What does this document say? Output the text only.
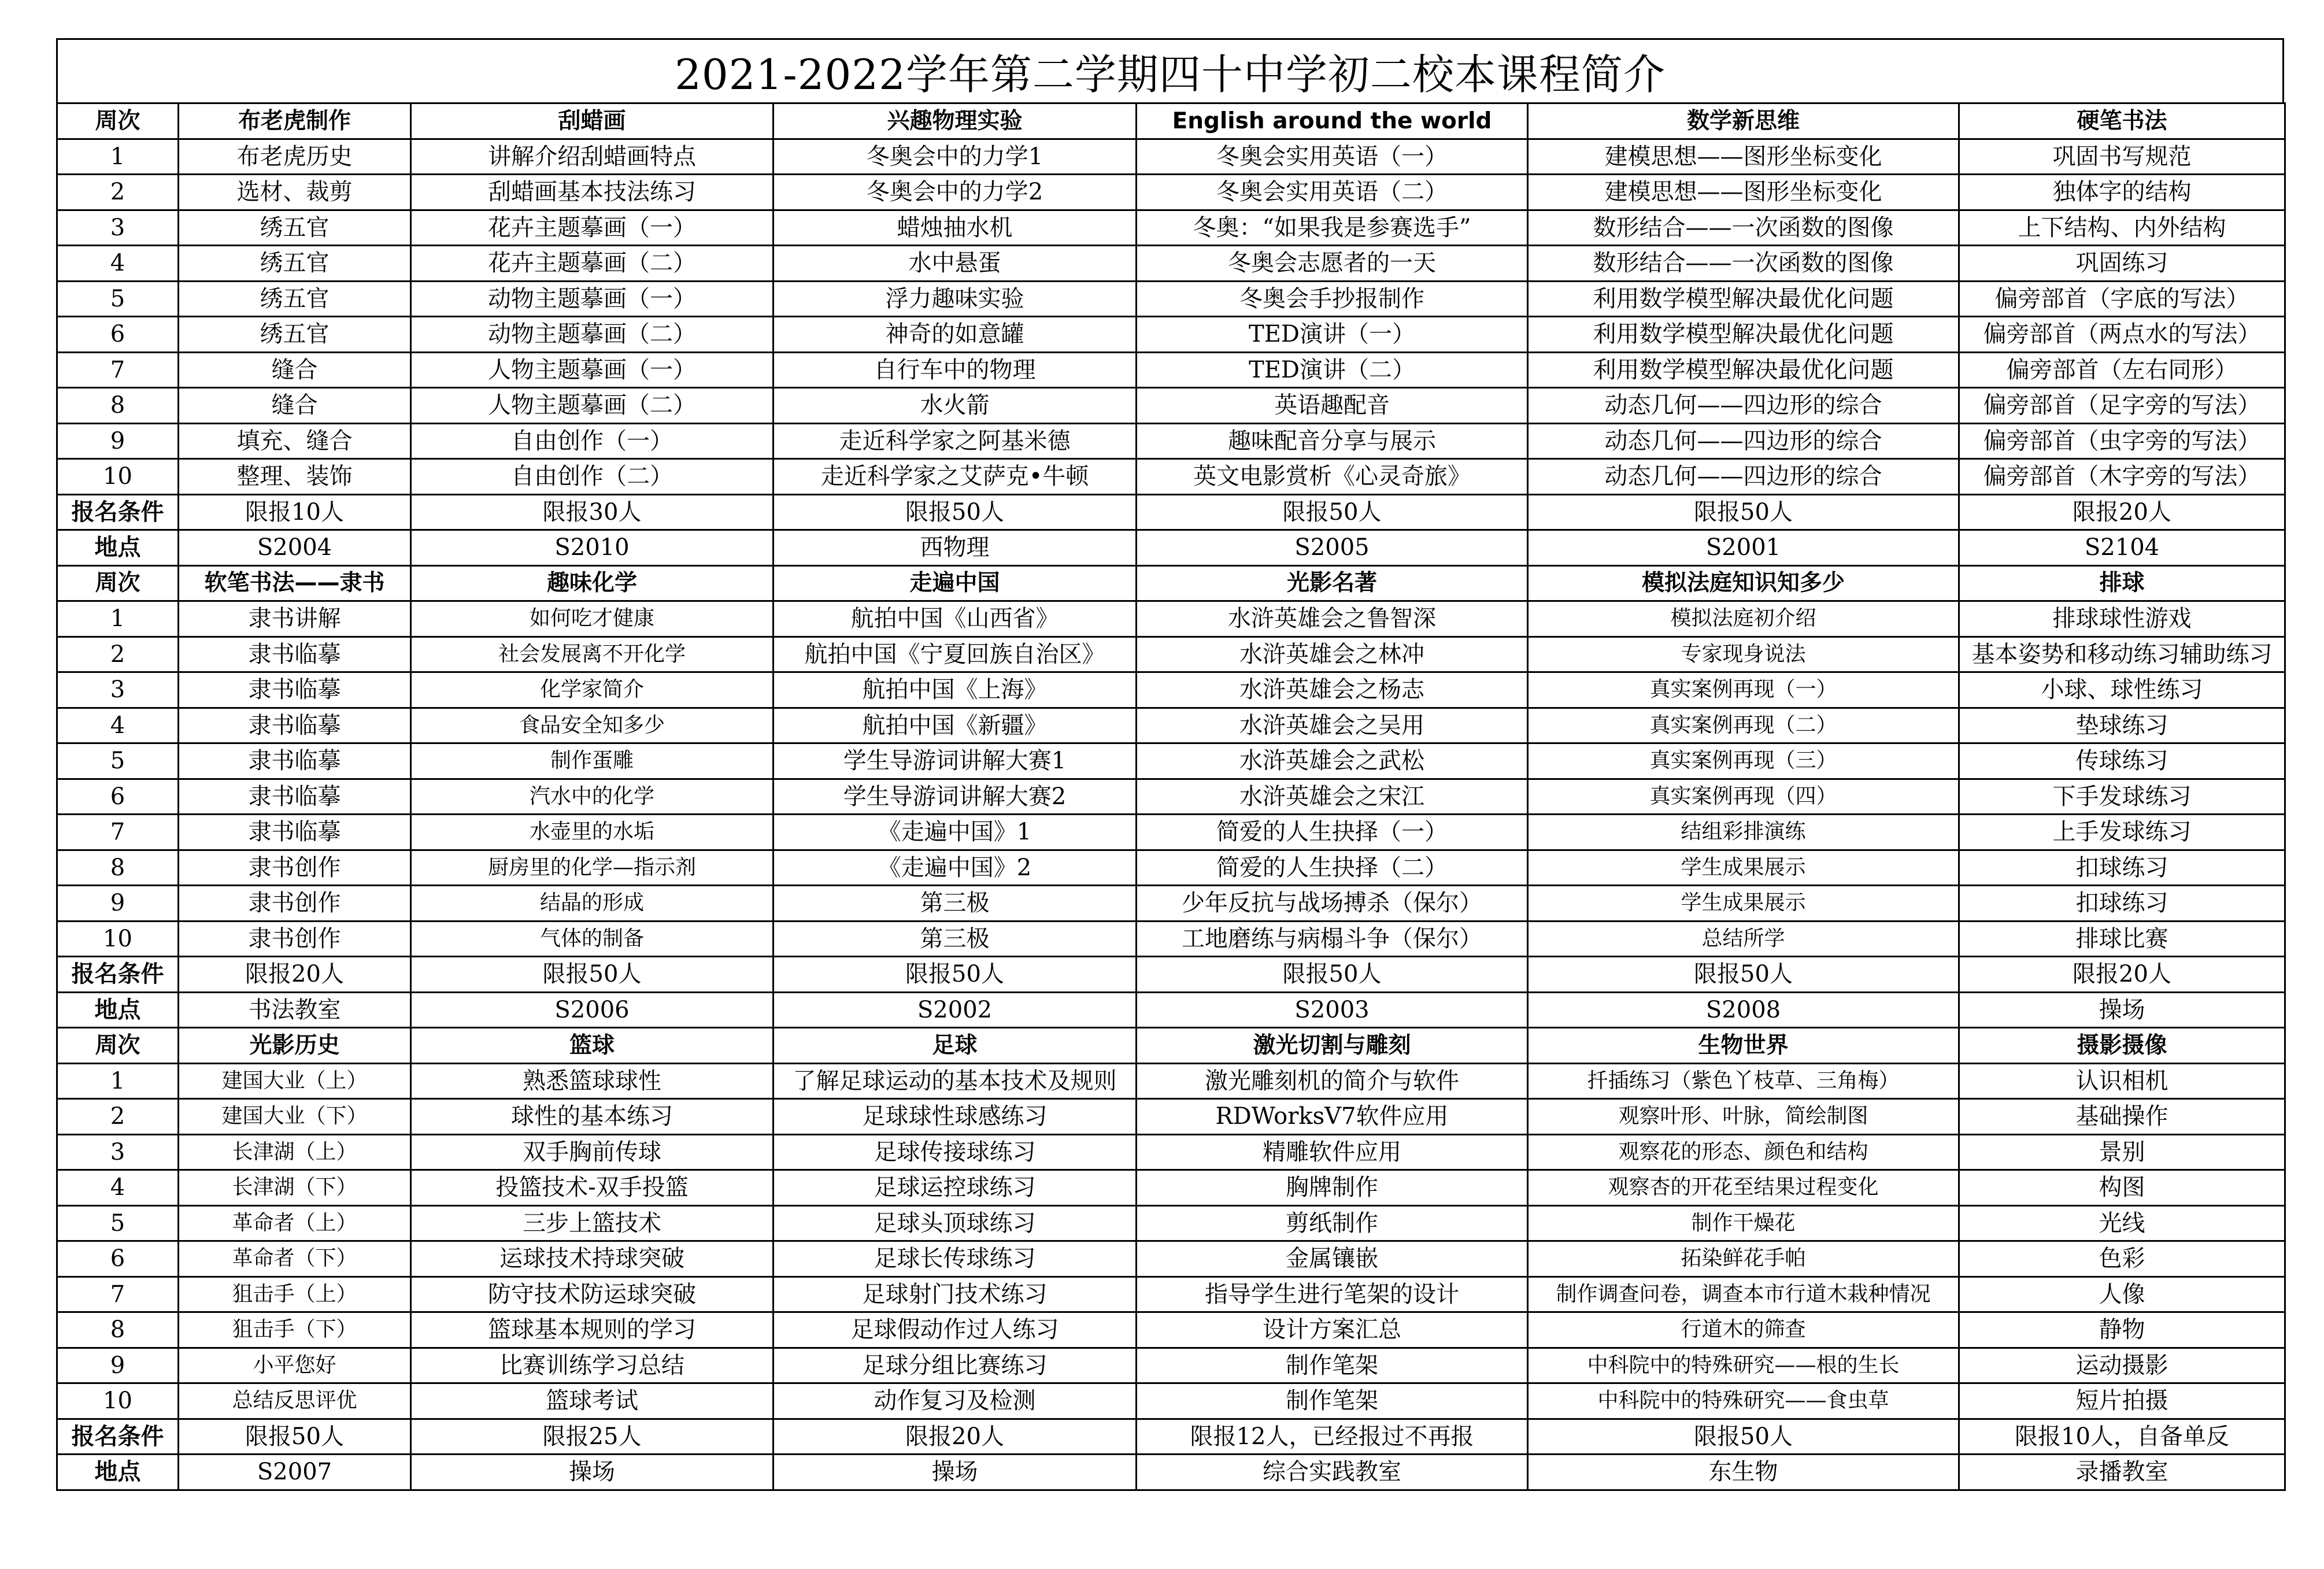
2021-2022学年第二学期四十中学初二校本课程简介
周次	布老虎制作	刮蜡画	兴趣物理实验	English around the world	数学新思维	硬笔书法
1	布老虎历史	讲解介绍刮蜡画特点	冬奥会中的力学1	冬奥会实用英语（一）	建模思想——图形坐标变化	巩固书写规范
2	选材、裁剪	刮蜡画基本技法练习	冬奥会中的力学2	冬奥会实用英语（二）	建模思想——图形坐标变化	独体字的结构
3	绣五官	花卉主题摹画（一）	蜡烛抽水机	冬奥：“如果我是参赛选手”	数形结合——一次函数的图像	上下结构、内外结构
4	绣五官	花卉主题摹画（二）	水中悬蛋	冬奥会志愿者的一天	数形结合——一次函数的图像	巩固练习
5	绣五官	动物主题摹画（一）	浮力趣味实验	冬奥会手抄报制作	利用数学模型解决最优化问题	偏旁部首（字底的写法）
6	绣五官	动物主题摹画（二）	神奇的如意罐	TED演讲（一）	利用数学模型解决最优化问题	偏旁部首（两点水的写法）
7	缝合	人物主题摹画（一）	自行车中的物理	TED演讲（二）	利用数学模型解决最优化问题	偏旁部首（左右同形）
8	缝合	人物主题摹画（二）	水火箭	英语趣配音	动态几何——四边形的综合	偏旁部首（足字旁的写法）
9	填充、缝合	自由创作（一）	走近科学家之阿基米德	趣味配音分享与展示	动态几何——四边形的综合	偏旁部首（虫字旁的写法）
10	整理、装饰	自由创作（二）	走近科学家之艾萨克•牛顿	英文电影赏析《心灵奇旅》	动态几何——四边形的综合	偏旁部首（木字旁的写法）
报名条件	限报10人	限报30人	限报50人	限报50人	限报50人	限报20人
地点	S2004	S2010	西物理	S2005	S2001	S2104
周次	软笔书法——隶书	趣味化学	走遍中国	光影名著	模拟法庭知识知多少	排球
1	隶书讲解	如何吃才健康	航拍中国《山西省》	水浒英雄会之鲁智深	模拟法庭初介绍	排球球性游戏
2	隶书临摹	社会发展离不开化学	航拍中国《宁夏回族自治区》	水浒英雄会之林冲	专家现身说法	基本姿势和移动练习辅助练习
3	隶书临摹	化学家简介	航拍中国《上海》	水浒英雄会之杨志	真实案例再现（一）	小球、球性练习
4	隶书临摹	食品安全知多少	航拍中国《新疆》	水浒英雄会之吴用	真实案例再现（二）	垫球练习
5	隶书临摹	制作蛋雕	学生导游词讲解大赛1	水浒英雄会之武松	真实案例再现（三）	传球练习
6	隶书临摹	汽水中的化学	学生导游词讲解大赛2	水浒英雄会之宋江	真实案例再现（四）	下手发球练习
7	隶书临摹	水壶里的水垢	《走遍中国》1	简爱的人生抉择（一）	结组彩排演练	上手发球练习
8	隶书创作	厨房里的化学—指示剂	《走遍中国》2	简爱的人生抉择（二）	学生成果展示	扣球练习
9	隶书创作	结晶的形成	第三极	少年反抗与战场搏杀（保尔）	学生成果展示	扣球练习
10	隶书创作	气体的制备	第三极	工地磨练与病榻斗争（保尔）	总结所学	排球比赛
报名条件	限报20人	限报50人	限报50人	限报50人	限报50人	限报20人
地点	书法教室	S2006	S2002	S2003	S2008	操场
周次	光影历史	篮球	足球	激光切割与雕刻	生物世界	摄影摄像
1	建国大业（上）	熟悉篮球球性	了解足球运动的基本技术及规则	激光雕刻机的简介与软件	扦插练习（紫色丫枝草、三角梅）	认识相机
2	建国大业（下）	球性的基本练习	足球球性球感练习	RDWorksV7软件应用	观察叶形、叶脉，简绘制图	基础操作
3	长津湖（上）	双手胸前传球	足球传接球练习	精雕软件应用	观察花的形态、颜色和结构	景别
4	长津湖（下）	投篮技术-双手投篮	足球运控球练习	胸牌制作	观察杏的开花至结果过程变化	构图
5	革命者（上）	三步上篮技术	足球头顶球练习	剪纸制作	制作干燥花	光线
6	革命者（下）	运球技术持球突破	足球长传球练习	金属镶嵌	拓染鲜花手帕	色彩
7	狙击手（上）	防守技术防运球突破	足球射门技术练习	指导学生进行笔架的设计	制作调查问卷，调查本市行道木栽种情况	人像
8	狙击手（下）	篮球基本规则的学习	足球假动作过人练习	设计方案汇总	行道木的筛查	静物
9	小平您好	比赛训练学习总结	足球分组比赛练习	制作笔架	中科院中的特殊研究——根的生长	运动摄影
10	总结反思评优	篮球考试	动作复习及检测	制作笔架	中科院中的特殊研究——食虫草	短片拍摄
报名条件	限报50人	限报25人	限报20人	限报12人，已经报过不再报	限报50人	限报10人，自备单反
地点	S2007	操场	操场	综合实践教室	东生物	录播教室
